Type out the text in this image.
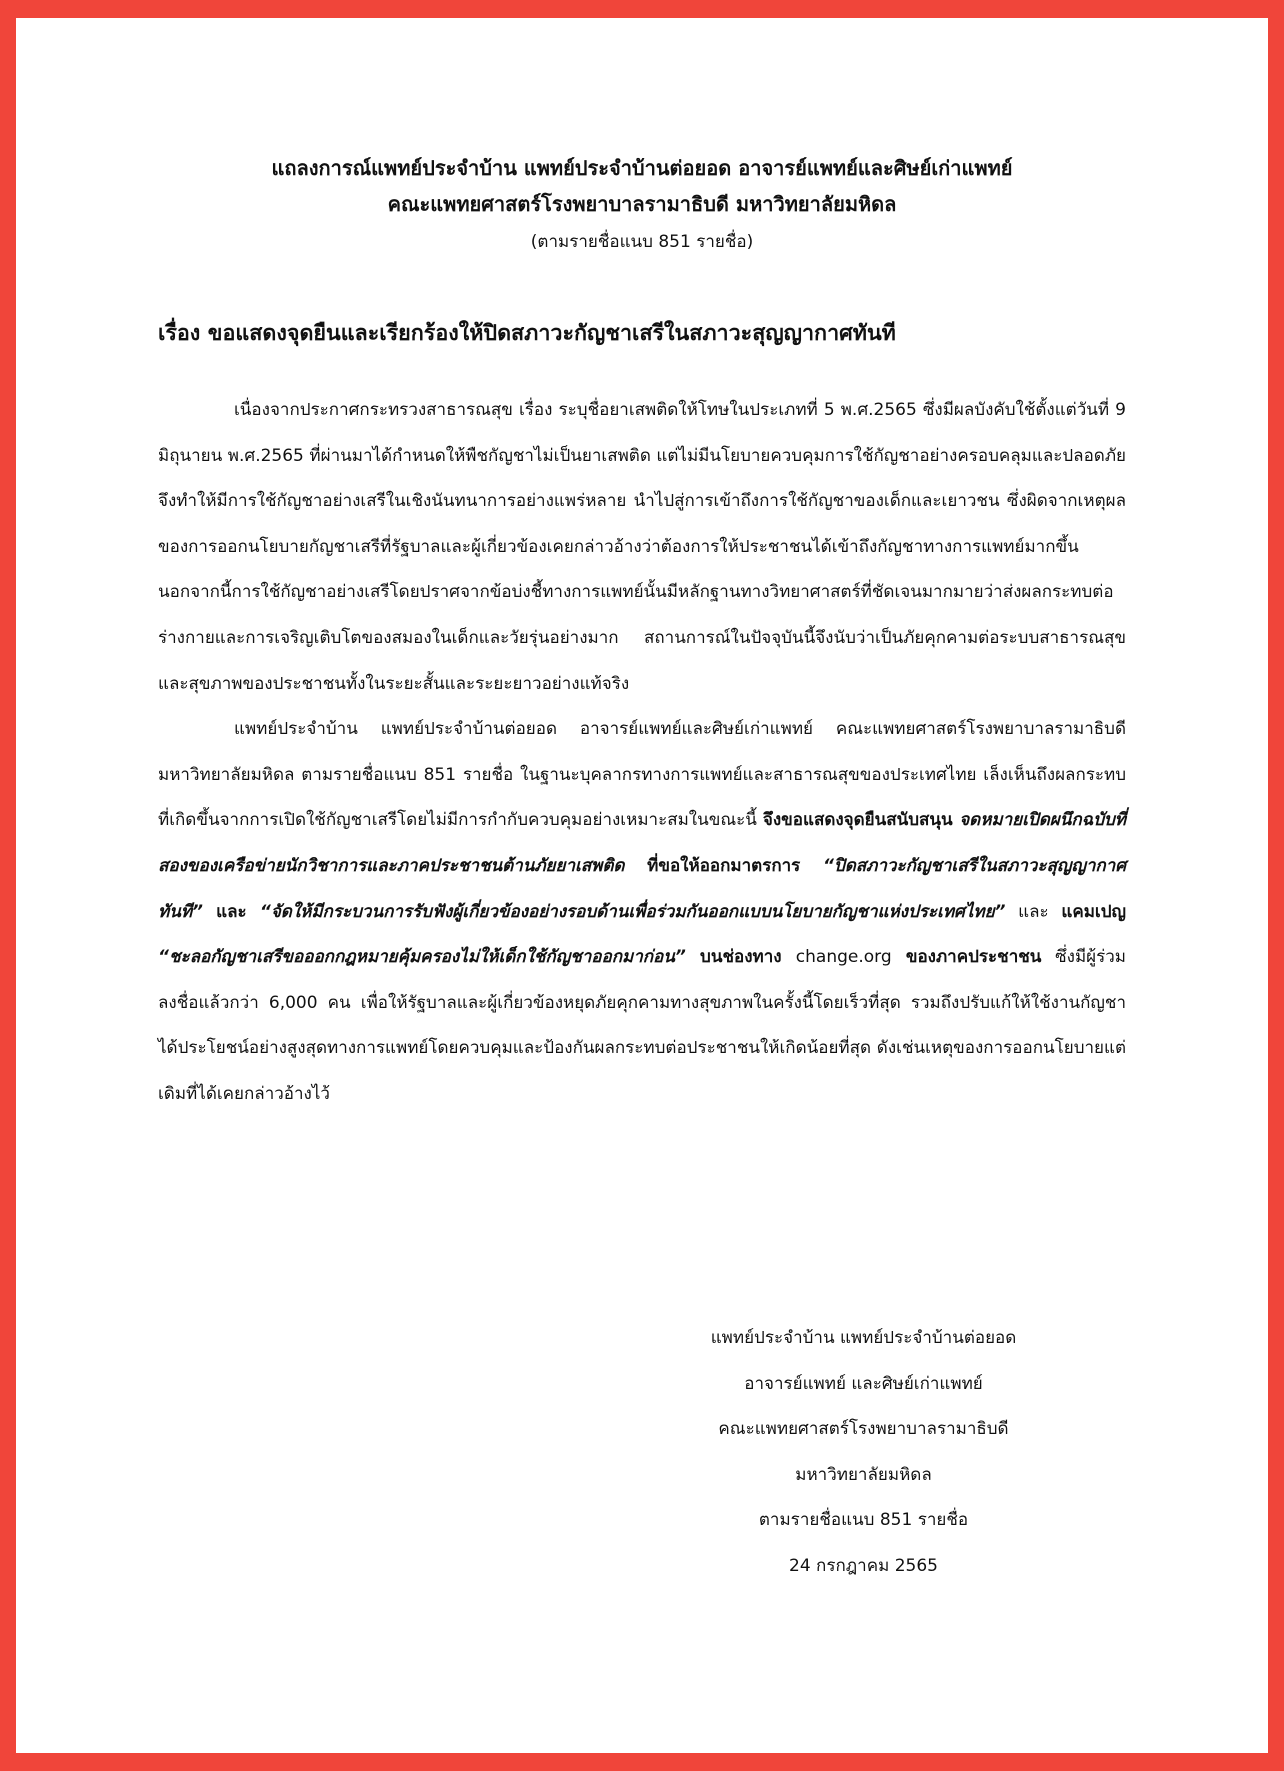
แถลงการณ์แพทย์ประจำบ้าน แพทย์ประจำบ้านต่อยอด อาจารย์แพทย์และศิษย์เก่าแพทย์
คณะแพทยศาสตร์โรงพยาบาลรามาธิบดี มหาวิทยาลัยมหิดล
(ตามรายชื่อแนบ 851 รายชื่อ)
เรื่อง ขอแสดงจุดยืนและเรียกร้องให้ปิดสภาวะกัญชาเสรีในสภาวะสุญญากาศทันที

เนื่องจากประกาศกระทรวงสาธารณสุข เรื่อง ระบุชื่อยาเสพติดให้โทษในประเภทที่ 5 พ.ศ.2565 ซึ่งมีผลบังคับใช้ตั้งแต่วันที่ 9 มิถุนายน พ.ศ.2565 ที่ผ่านมาได้กำหนดให้พืชกัญชาไม่เป็นยาเสพติด แต่ไม่มีนโยบายควบคุมการใช้กัญชาอย่างครอบคลุมและปลอดภัยจึงทำให้มีการใช้กัญชาอย่างเสรีในเชิงนันทนาการอย่างแพร่หลาย นำไปสู่การเข้าถึงการใช้กัญชาของเด็กและเยาวชน ซึ่งผิดจากเหตุผลของการออกนโยบายกัญชาเสรีที่รัฐบาลและผู้เกี่ยวข้องเคยกล่าวอ้างว่าต้องการให้ประชาชนได้เข้าถึงกัญชาทางการแพทย์มากขึ้น นอกจากนี้การใช้กัญชาอย่างเสรีโดยปราศจากข้อบ่งชี้ทางการแพทย์นั้นมีหลักฐานทางวิทยาศาสตร์ที่ชัดเจนมากมายว่าส่งผลกระทบต่อร่างกายและการเจริญเติบโตของสมองในเด็กและวัยรุ่นอย่างมาก สถานการณ์ในปัจจุบันนี้จึงนับว่าเป็นภัยคุกคามต่อระบบสาธารณสุขและสุขภาพของประชาชนทั้งในระยะสั้นและระยะยาวอย่างแท้จริง

แพทย์ประจำบ้าน แพทย์ประจำบ้านต่อยอด อาจารย์แพทย์และศิษย์เก่าแพทย์ คณะแพทยศาสตร์โรงพยาบาลรามาธิบดี มหาวิทยาลัยมหิดล ตามรายชื่อแนบ 851 รายชื่อ ในฐานะบุคลากรทางการแพทย์และสาธารณสุขของประเทศไทย เล็งเห็นถึงผลกระทบที่เกิดขึ้นจากการเปิดใช้กัญชาเสรีโดยไม่มีการกำกับควบคุมอย่างเหมาะสมในขณะนี้ จึงขอแสดงจุดยืนสนับสนุน จดหมายเปิดผนึกฉบับที่สองของเครือข่ายนักวิชาการและภาคประชาชนต้านภัยยาเสพติด ที่ขอให้ออกมาตรการ “ปิดสภาวะกัญชาเสรีในสภาวะสุญญากาศทันที” และ “จัดให้มีกระบวนการรับฟังผู้เกี่ยวข้องอย่างรอบด้านเพื่อร่วมกันออกแบบนโยบายกัญชาแห่งประเทศไทย” และ แคมเปญ “ชะลอกัญชาเสรีขอออกกฎหมายคุ้มครองไม่ให้เด็กใช้กัญชาออกมาก่อน” บนช่องทาง change.org ของภาคประชาชน ซึ่งมีผู้ร่วมลงชื่อแล้วกว่า 6,000 คน เพื่อให้รัฐบาลและผู้เกี่ยวข้องหยุดภัยคุกคามทางสุขภาพในครั้งนี้โดยเร็วที่สุด รวมถึงปรับแก้ให้ใช้งานกัญชาได้ประโยชน์อย่างสูงสุดทางการแพทย์โดยควบคุมและป้องกันผลกระทบต่อประชาชนให้เกิดน้อยที่สุด ดังเช่นเหตุของการออกนโยบายแต่เดิมที่ได้เคยกล่าวอ้างไว้

แพทย์ประจำบ้าน แพทย์ประจำบ้านต่อยอด
อาจารย์แพทย์ และศิษย์เก่าแพทย์
คณะแพทยศาสตร์โรงพยาบาลรามาธิบดี
มหาวิทยาลัยมหิดล
ตามรายชื่อแนบ 851 รายชื่อ
24 กรกฎาคม 2565
